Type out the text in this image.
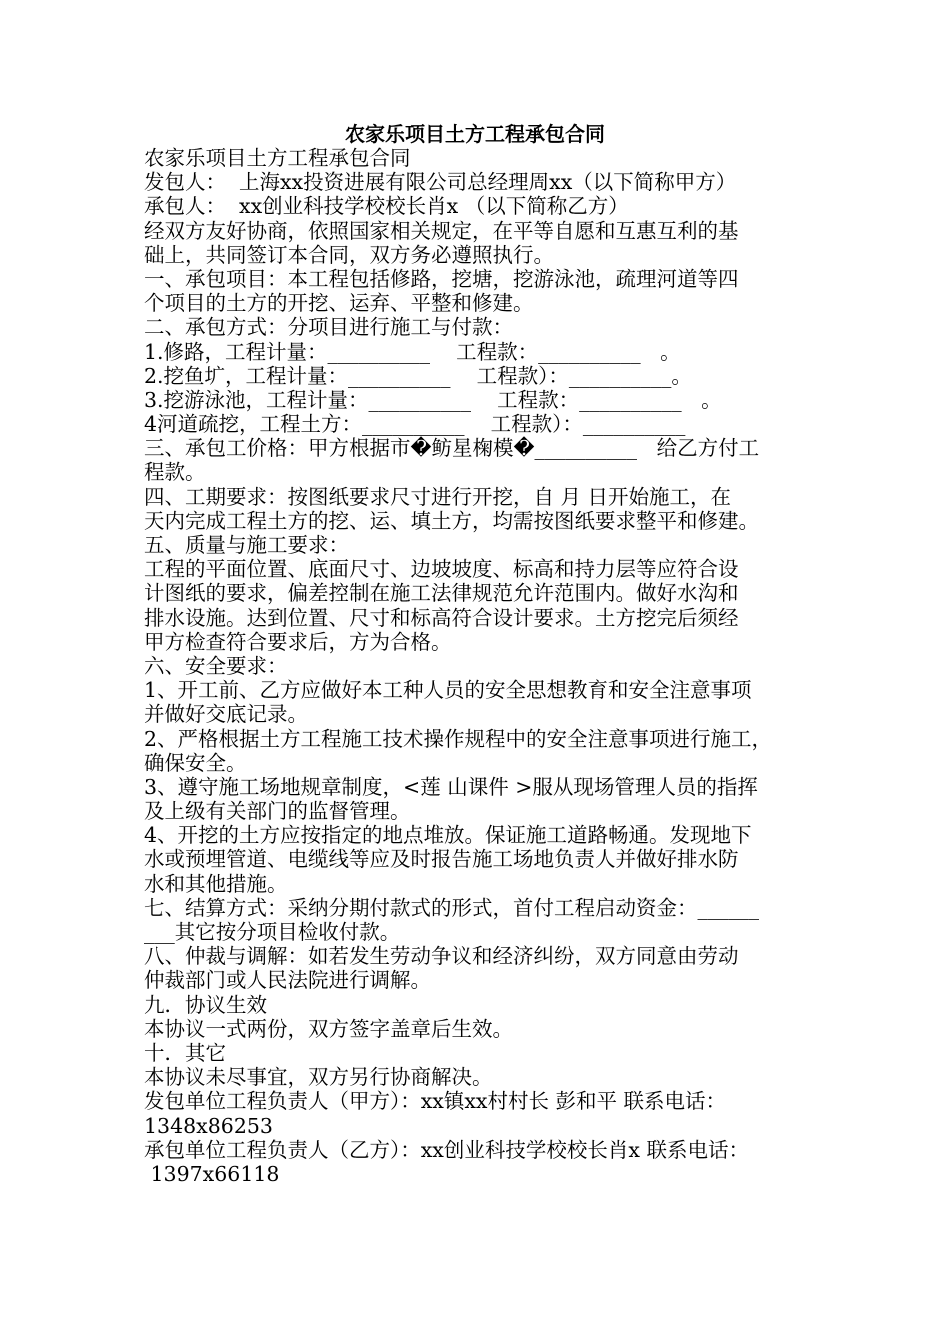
农家乐项目土方工程承包合同
农家乐项目土方工程承包合同
发包人：  上海xx投资进展有限公司总经理周xx（以下简称甲方）
承包人：  xx创业科技学校校长肖x （以下简称乙方）
经双方友好协商，依照国家相关规定，在平等自愿和互惠互利的基
础上，共同签订本合同，双方务必遵照执行。
一、承包项目：本工程包括修路，挖塘，挖游泳池，疏理河道等四
个项目的土方的开挖、运弃、平整和修建。
二、承包方式：分项目进行施工与付款：
1.修路，工程计量：__________    工程款：__________   。
2.挖鱼圹，工程计量：__________    工程款）：__________。
3.挖游泳池，工程计量：__________    工程款：__________   。
4河道疏挖，工程土方：__________    工程款）：__________
三、承包工价格：甲方根据市�鲂星椈模�__________   给乙方付工
程款。
四、工期要求：按图纸要求尺寸进行开挖，自 月 日开始施工，在
天内完成工程土方的挖、运、填土方，均需按图纸要求整平和修建。
五、质量与施工要求：
工程的平面位置、底面尺寸、边坡坡度、标高和持力层等应符合设
计图纸的要求，偏差控制在施工法律规范允许范围内。做好水沟和
排水设施。达到位置、尺寸和标高符合设计要求。土方挖完后须经
甲方检查符合要求后，方为合格。
六、安全要求：
1、开工前、乙方应做好本工种人员的安全思想教育和安全注意事项
并做好交底记录。
2、严格根据土方工程施工技术操作规程中的安全注意事项进行施工，
确保安全。
3、遵守施工场地规章制度，<莲 山课件 >服从现场管理人员的指挥
及上级有关部门的监督管理。
4、开挖的土方应按指定的地点堆放。保证施工道路畅通。发现地下
水或预埋管道、电缆线等应及时报告施工场地负责人并做好排水防
水和其他措施。
七、结算方式：采纳分期付款式的形式，首付工程启动资金：______
___其它按分项目检收付款。
八、仲裁与调解：如若发生劳动争议和经济纠纷，双方同意由劳动
仲裁部门或人民法院进行调解。
九．协议生效
本协议一式两份，双方签字盖章后生效。
十．其它
本协议未尽事宜，双方另行协商解决。
发包单位工程负责人（甲方）：xx镇xx村村长 彭和平 联系电话：
1348x86253
承包单位工程负责人（乙方）：xx创业科技学校校长肖x 联系电话：
1397x66118
